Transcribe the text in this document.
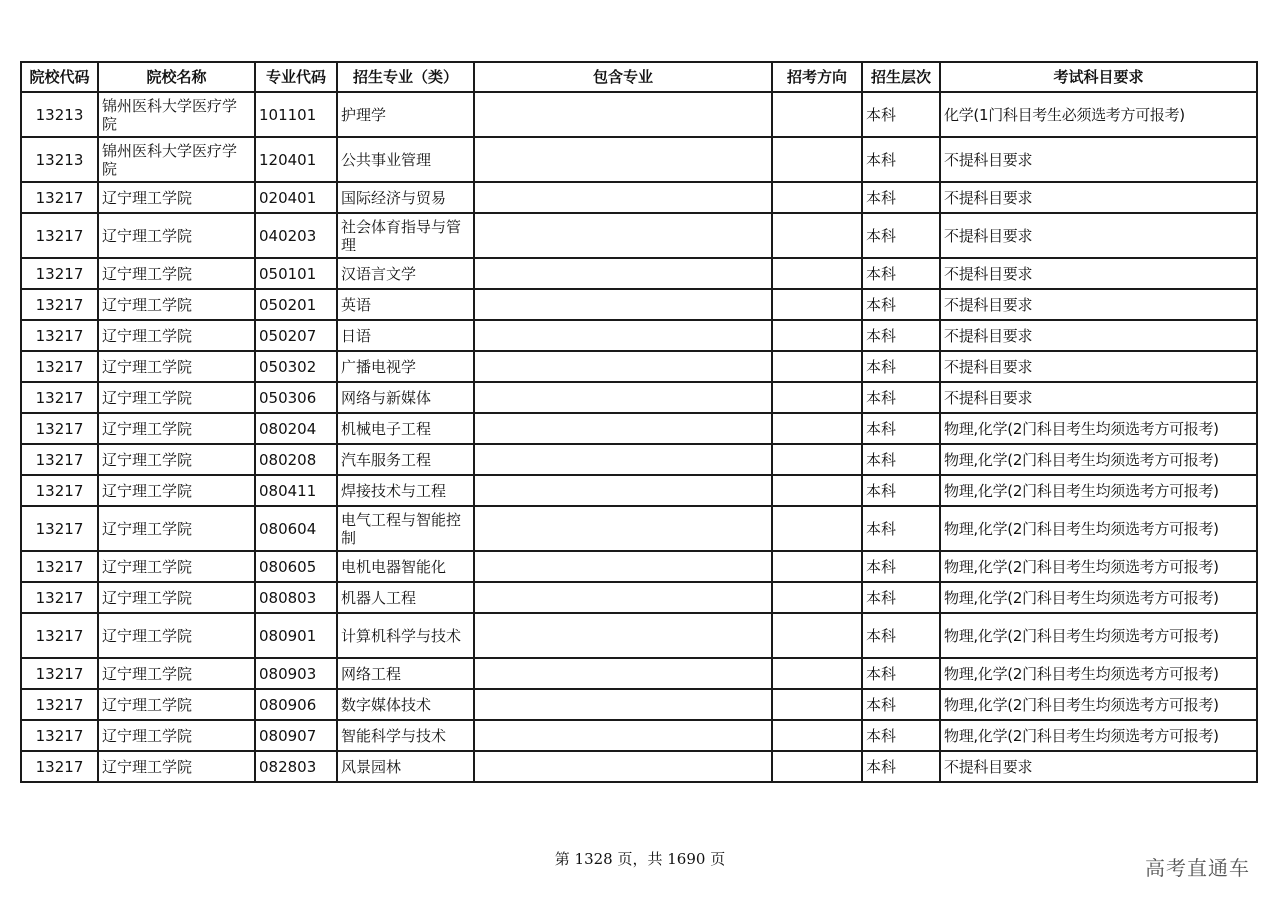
院校代码	院校名称	专业代码	招生专业（类）	包含专业	招考方向	招生层次	考试科目要求
13213	锦州医科大学医疗学院	101101	护理学			本科	化学(1门科目考生必须选考方可报考)
13213	锦州医科大学医疗学院	120401	公共事业管理			本科	不提科目要求
13217	辽宁理工学院	020401	国际经济与贸易			本科	不提科目要求
13217	辽宁理工学院	040203	社会体育指导与管理			本科	不提科目要求
13217	辽宁理工学院	050101	汉语言文学			本科	不提科目要求
13217	辽宁理工学院	050201	英语			本科	不提科目要求
13217	辽宁理工学院	050207	日语			本科	不提科目要求
13217	辽宁理工学院	050302	广播电视学			本科	不提科目要求
13217	辽宁理工学院	050306	网络与新媒体			本科	不提科目要求
13217	辽宁理工学院	080204	机械电子工程			本科	物理,化学(2门科目考生均须选考方可报考)
13217	辽宁理工学院	080208	汽车服务工程			本科	物理,化学(2门科目考生均须选考方可报考)
13217	辽宁理工学院	080411	焊接技术与工程			本科	物理,化学(2门科目考生均须选考方可报考)
13217	辽宁理工学院	080604	电气工程与智能控制			本科	物理,化学(2门科目考生均须选考方可报考)
13217	辽宁理工学院	080605	电机电器智能化			本科	物理,化学(2门科目考生均须选考方可报考)
13217	辽宁理工学院	080803	机器人工程			本科	物理,化学(2门科目考生均须选考方可报考)
13217	辽宁理工学院	080901	计算机科学与技术			本科	物理,化学(2门科目考生均须选考方可报考)
13217	辽宁理工学院	080903	网络工程			本科	物理,化学(2门科目考生均须选考方可报考)
13217	辽宁理工学院	080906	数字媒体技术			本科	物理,化学(2门科目考生均须选考方可报考)
13217	辽宁理工学院	080907	智能科学与技术			本科	物理,化学(2门科目考生均须选考方可报考)
13217	辽宁理工学院	082803	风景园林			本科	不提科目要求
第 1328 页，共 1690 页	高考直通车
